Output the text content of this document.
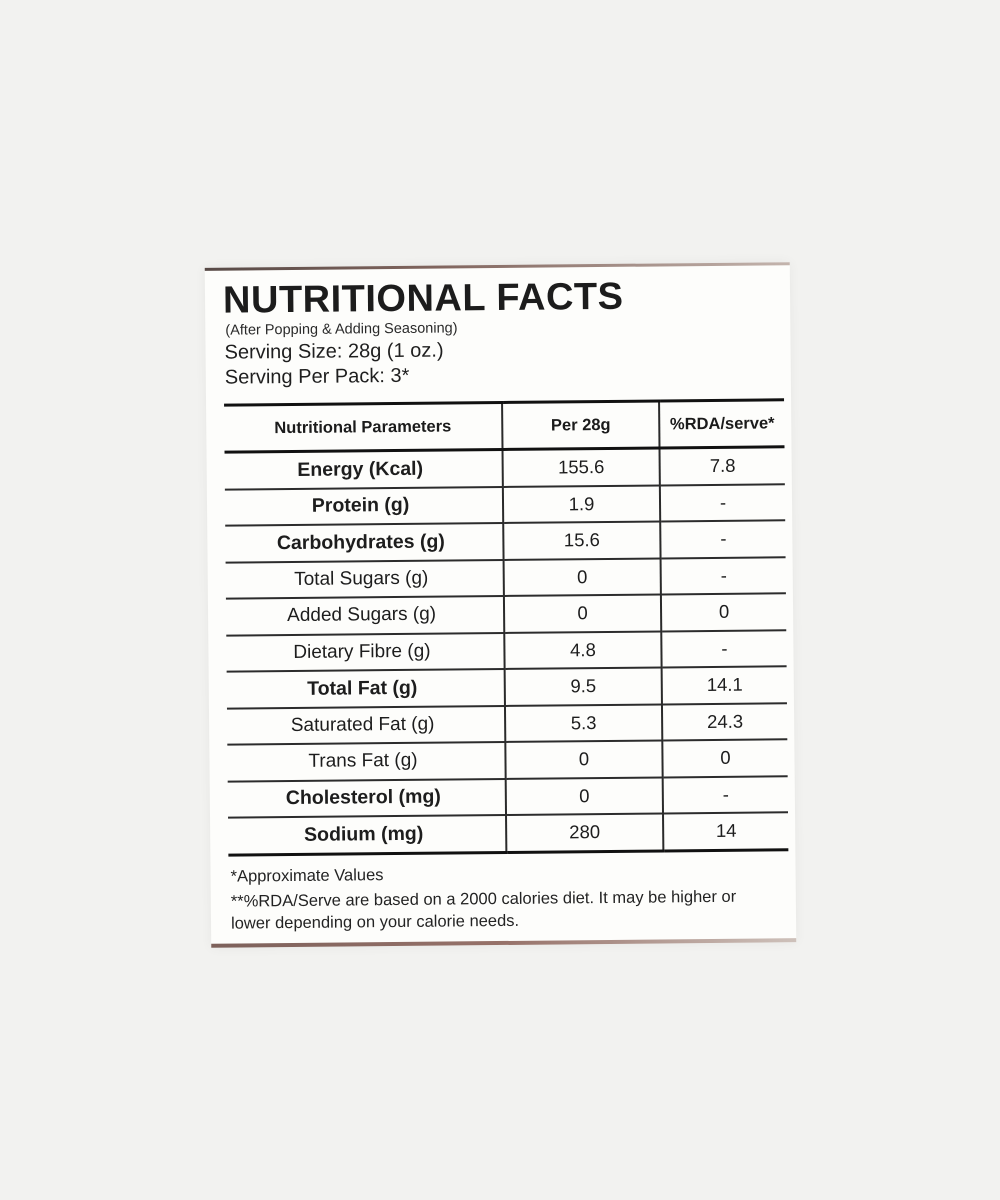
NUTRITIONAL FACTS
(After Popping & Adding Seasoning)
Serving Size: 28g (1 oz.)
Serving Per Pack: 3*
Nutritional Parameters	Per 28g	%RDA/serve*
Energy (Kcal)	155.6	7.8
Protein (g)	1.9	-
Carbohydrates (g)	15.6	-
Total Sugars (g)	0	-
Added Sugars (g)	0	0
Dietary Fibre (g)	4.8	-
Total Fat (g)	9.5	14.1
Saturated Fat (g)	5.3	24.3
Trans Fat (g)	0	0
Cholesterol (mg)	0	-
Sodium (mg)	280	14

*Approximate Values

**%RDA/Serve are based on a 2000 calories diet. It may be higher or lower depending on your calorie needs.
